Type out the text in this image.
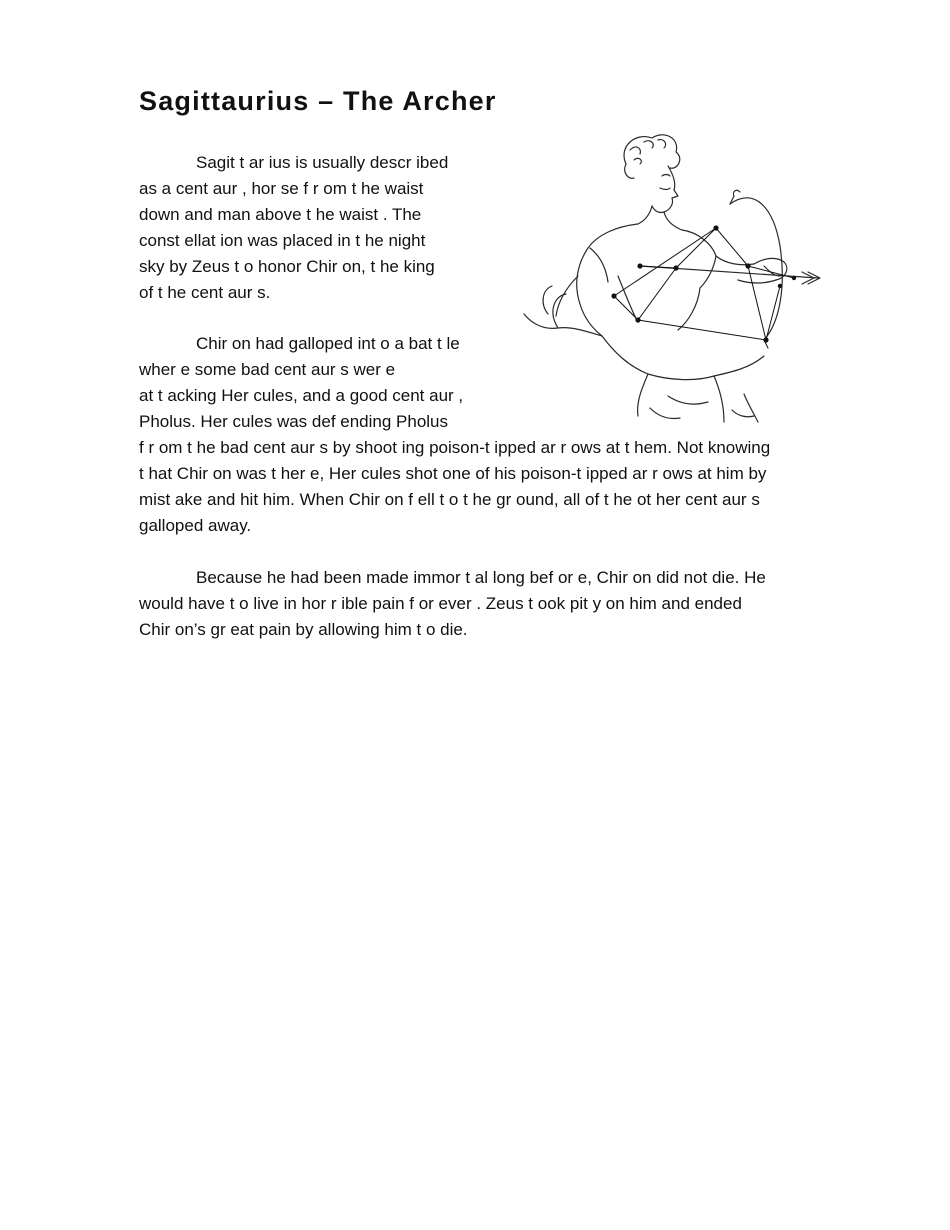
Sagittaurius – The Archer

Sagit t ar ius is usually descr ibed

as a cent aur , hor se f r om t he waist

down and man above t he waist . The

const ellat ion was placed in t he night

sky by Zeus t o honor Chir on, t he king

of t he cent aur s.

Chir on had galloped int o a bat t le

wher e some bad cent aur s wer e

at t acking Her cules, and a good cent aur ,

Pholus. Her cules was def ending Pholus

f r om t he bad cent aur s by shoot ing poison-t ipped ar r ows at t hem. Not knowing

t hat Chir on was t her e, Her cules shot one of his poison-t ipped ar r ows at him by

mist ake and hit him. When Chir on f ell t o t he gr ound, all of t he ot her cent aur s

galloped away.

Because he had been made immor t al long bef or e, Chir on did not die. He

would have t o live in hor r ible pain f or ever . Zeus t ook pit y on him and ended

Chir on’s gr eat pain by allowing him t o die.
